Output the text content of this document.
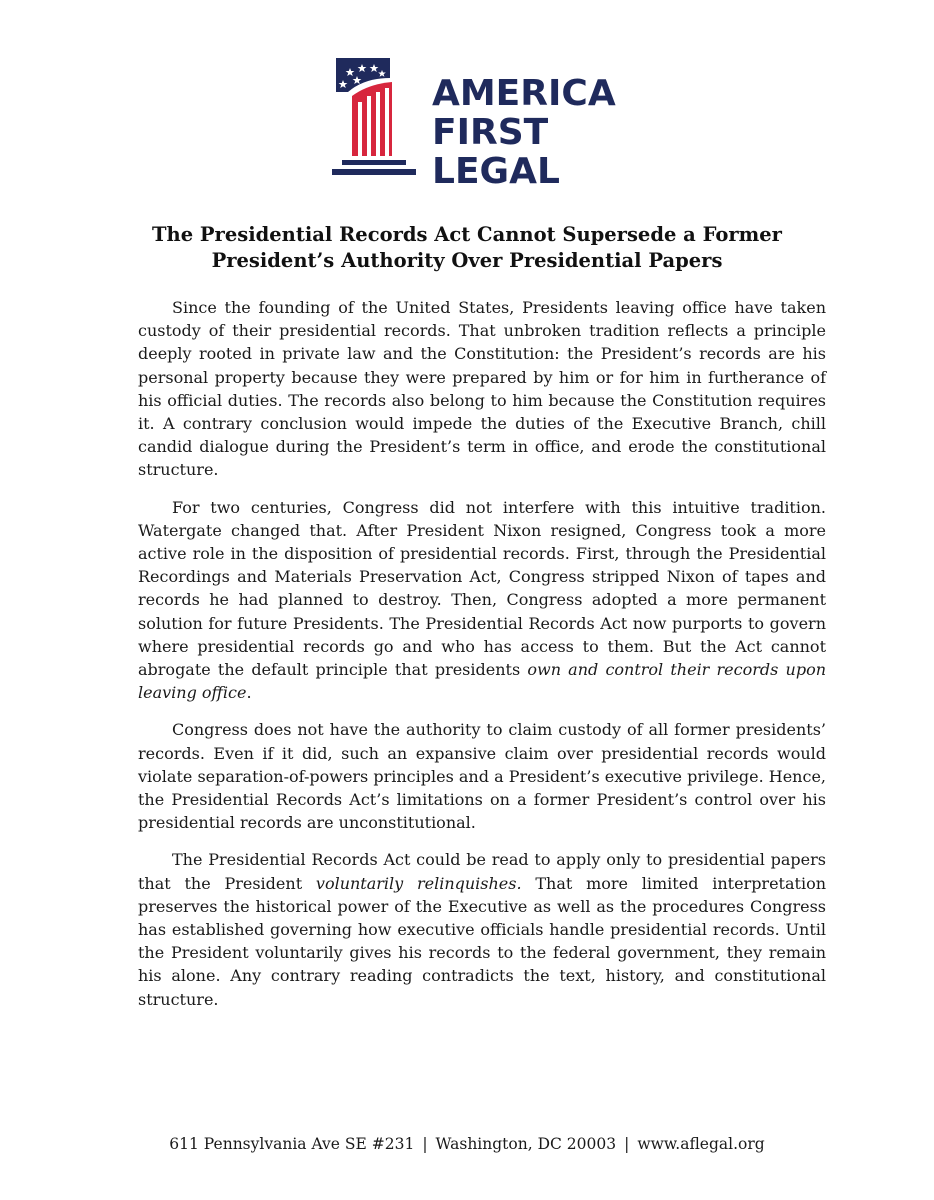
AMERICA
FIRST
LEGAL
The Presidential Records Act Cannot Supersede a Former
President’s Authority Over Presidential Papers

Since the founding of the United States, Presidents leaving office have taken custody of their presidential records. That unbroken tradition reflects a principle deeply rooted in private law and the Constitution: the President’s records are his personal property because they were prepared by him or for him in furtherance of his official duties. The records also belong to him because the Constitution requires it. A contrary conclusion would impede the duties of the Executive Branch, chill candid dialogue during the President’s term in office, and erode the constitutional structure.

For two centuries, Congress did not interfere with this intuitive tradition. Watergate changed that. After President Nixon resigned, Congress took a more active role in the disposition of presidential records. First, through the Presidential Recordings and Materials Preservation Act, Congress stripped Nixon of tapes and records he had planned to destroy. Then, Congress adopted a more permanent solution for future Presidents. The Presidential Records Act now purports to govern where presidential records go and who has access to them. But the Act cannot abrogate the default principle that presidents own and control their records upon leaving office.

Congress does not have the authority to claim custody of all former presidents’ records. Even if it did, such an expansive claim over presidential records would violate separation-of-powers principles and a President’s executive privilege. Hence, the Presidential Records Act’s limitations on a former President’s control over his presidential records are unconstitutional.

The Presidential Records Act could be read to apply only to presidential papers that the President voluntarily relinquishes. That more limited interpretation preserves the historical power of the Executive as well as the procedures Congress has established governing how executive officials handle presidential records. Until the President voluntarily gives his records to the federal government, they remain his alone. Any contrary reading contradicts the text, history, and constitutional structure.

611 Pennsylvania Ave SE #231 | Washington, DC 20003 | www.aflegal.org
